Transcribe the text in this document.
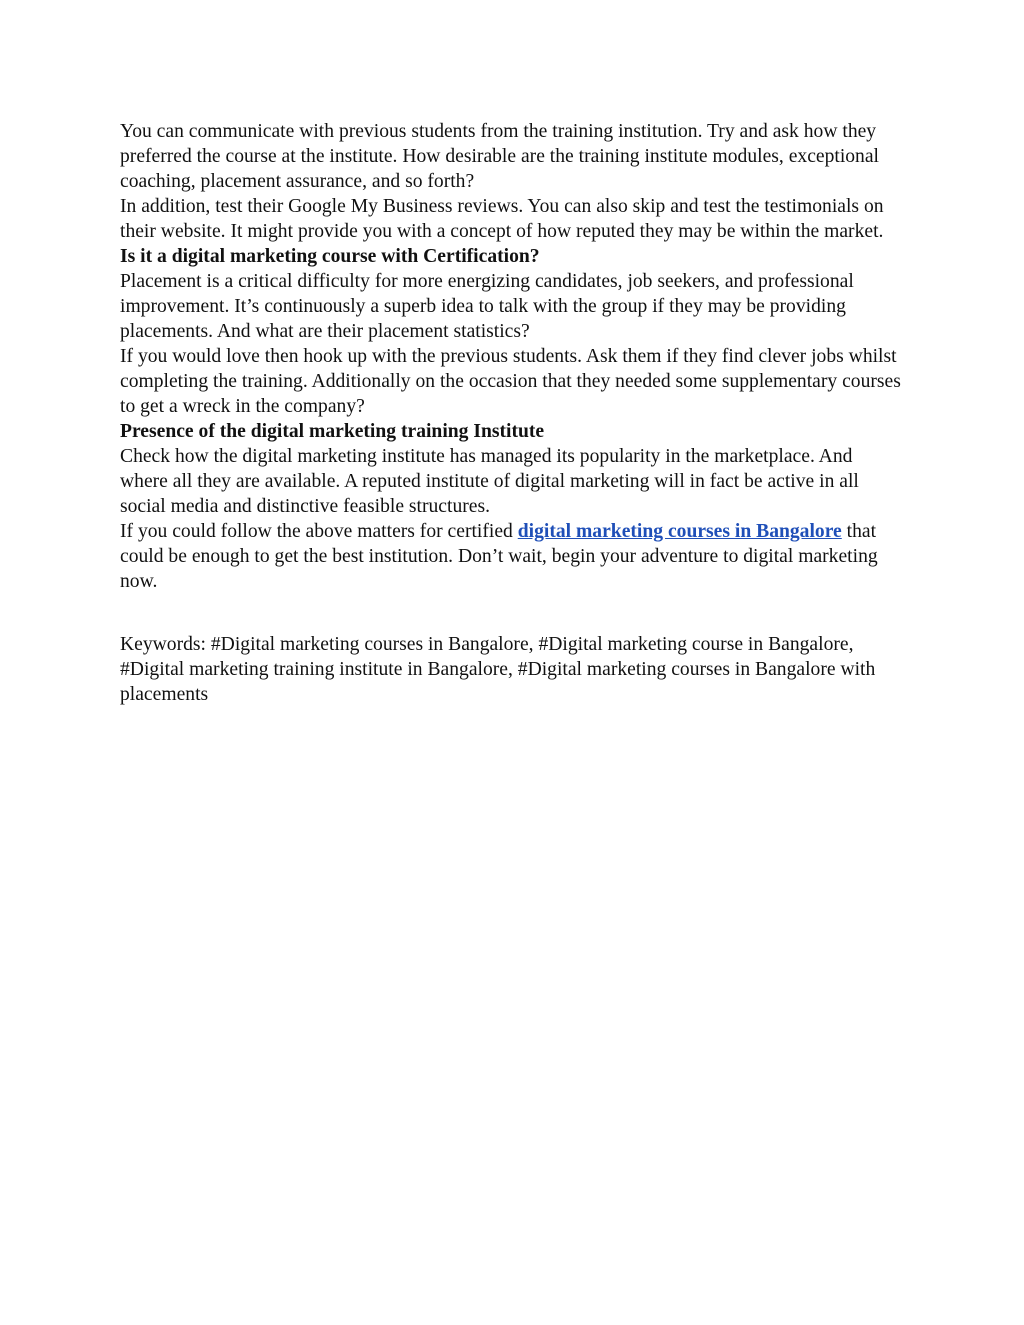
You can communicate with previous students from the training institution. Try and ask how they preferred the course at the institute. How desirable are the training institute modules, exceptional coaching, placement assurance, and so forth?

In addition, test their Google My Business reviews. You can also skip and test the testimonials on their website. It might provide you with a concept of how reputed they may be within the market.

Is it a digital marketing course with Certification?

Placement is a critical difficulty for more energizing candidates, job seekers, and professional improvement. It’s continuously a superb idea to talk with the group if they may be providing placements. And what are their placement statistics?

If you would love then hook up with the previous students. Ask them if they find clever jobs whilst completing the training. Additionally on the occasion that they needed some supplementary courses to get a wreck in the company?

Presence of the digital marketing training Institute

Check how the digital marketing institute has managed its popularity in the marketplace. And where all they are available. A reputed institute of digital marketing will in fact be active in all social media and distinctive feasible structures.

If you could follow the above matters for certified digital marketing courses in Bangalore that could be enough to get the best institution. Don’t wait, begin your adventure to digital marketing now.

Keywords: #Digital marketing courses in Bangalore, #Digital marketing course in Bangalore, #Digital marketing training institute in Bangalore, #Digital marketing courses in Bangalore with placements
